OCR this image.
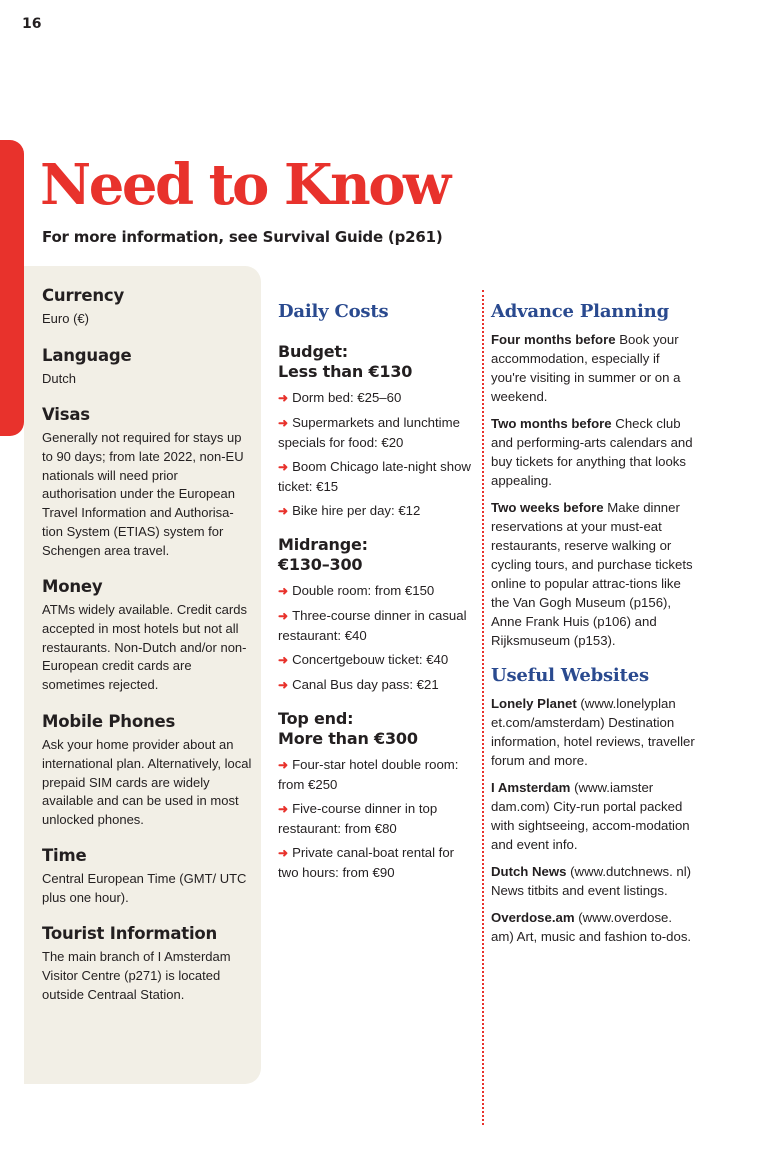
16
Need to Know
For more information, see Survival Guide (p261)
Currency
Euro (€)
Language
Dutch
Visas
Generally not required for stays up to 90 days; from late 2022, non-EU nationals will need prior authorisation under the European Travel Information and Authorisa-tion System (ETIAS) system for Schengen area travel.
Money
ATMs widely available. Credit cards accepted in most hotels but not all restaurants. Non-Dutch and/or non-European credit cards are sometimes rejected.
Mobile Phones
Ask your home provider about an international plan. Alternatively, local prepaid SIM cards are widely available and can be used in most unlocked phones.
Time
Central European Time (GMT/ UTC plus one hour).
Tourist Information
The main branch of I Amsterdam Visitor Centre (p271) is located outside Centraal Station.
Daily Costs
Budget:
Less than €130
➜ Dorm bed: €25–60
➜ Supermarkets and lunchtime specials for food: €20
➜ Boom Chicago late-night show ticket: €15
➜ Bike hire per day: €12
Midrange:
€130–300
➜ Double room: from €150
➜ Three-course dinner in casual restaurant: €40
➜ Concertgebouw ticket: €40
➜ Canal Bus day pass: €21
Top end:
More than €300
➜ Four-star hotel double room: from €250
➜ Five-course dinner in top restaurant: from €80
➜ Private canal-boat rental for two hours: from €90
Advance Planning
Four months before Book your accommodation, especially if you're visiting in summer or on a weekend.
Two months before Check club and performing-arts calendars and buy tickets for anything that looks appealing.
Two weeks before Make dinner reservations at your must-eat restaurants, reserve walking or cycling tours, and purchase tickets online to popular attrac-tions like the Van Gogh Museum (p156), Anne Frank Huis (p106) and Rijksmuseum (p153).
Useful Websites
Lonely Planet (www.lonelyplan et.com/amsterdam) Destination information, hotel reviews, traveller forum and more.
I Amsterdam (www.iamster dam.com) City-run portal packed with sightseeing, accom-modation and event info.
Dutch News (www.dutchnews. nl) News titbits and event listings.
Overdose.am (www.overdose. am) Art, music and fashion to-dos.
